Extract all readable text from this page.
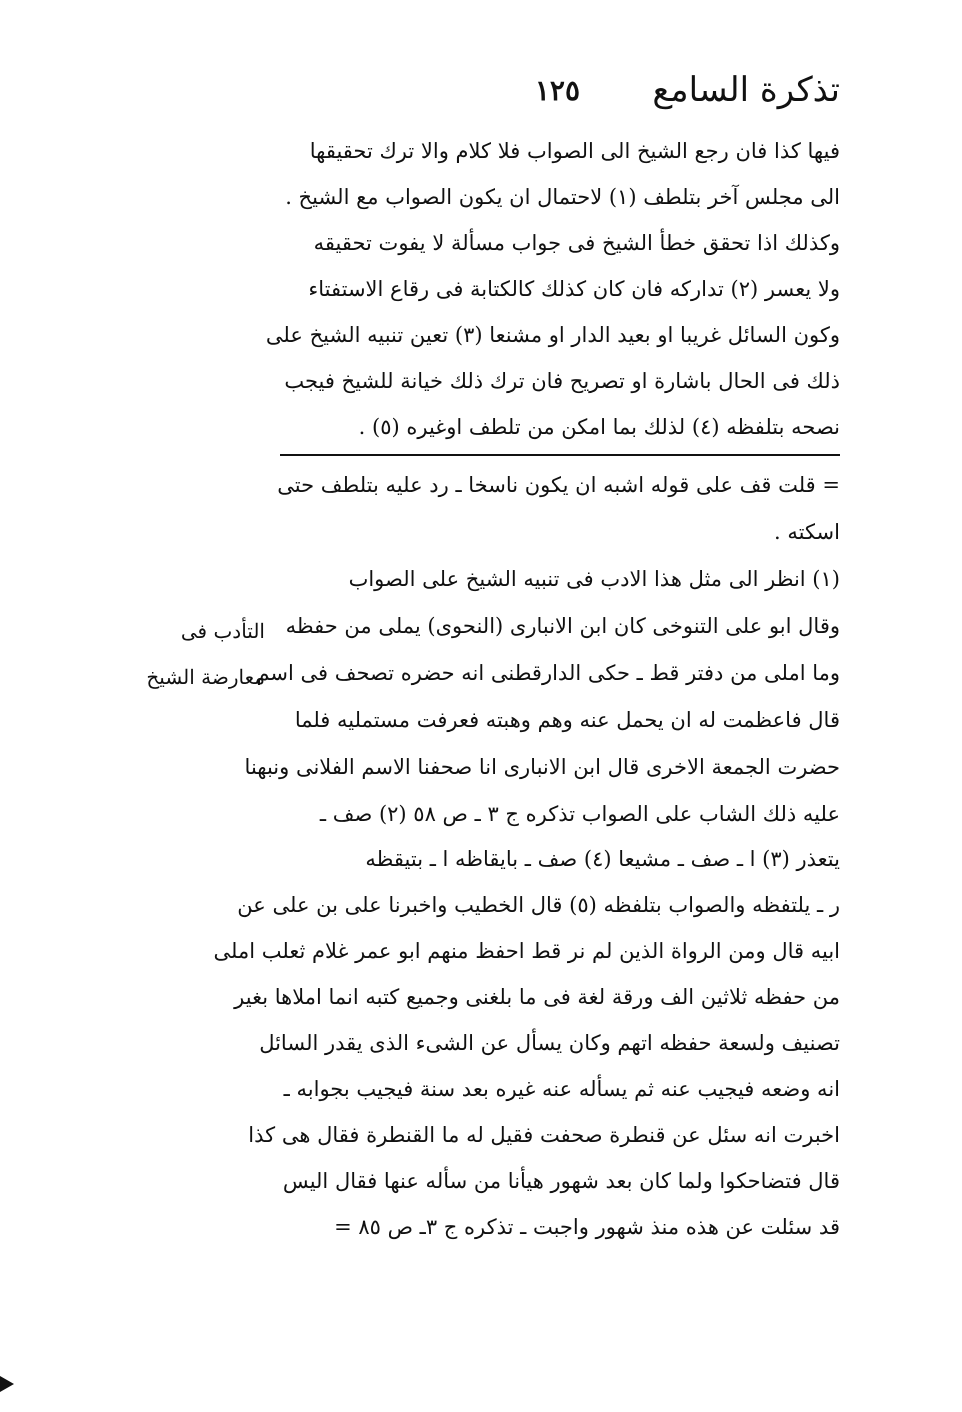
تذكرة السامع
١٢٥
فيها كذا فان رجع الشيخ الى الصواب فلا كلام والا ترك تحقيقها
الى مجلس آخر بتلطف (١) لاحتمال ان يكون الصواب مع الشيخ .
وكذلك اذا تحقق خطأ الشيخ فى جواب مسألة لا يفوت تحقيقه
ولا يعسر (٢) تداركه فان كان كذلك كالكتابة فى رقاع الاستفتاء
وكون السائل غريبا او بعيد الدار او مشنعا (٣) تعين تنبيه الشيخ على
ذلك فى الحال باشارة او تصريح فان ترك ذلك خيانة للشيخ فيجب
نصحه بتلفظه (٤) لذلك بما امكن من تلطف اوغيره (٥) .
= قلت قف على قوله اشبه ان يكون ناسخا ـ رد عليه بتلطف حتى
اسكته .
(١) انظر الى مثل هذا الادب فى تنبيه الشيخ على الصواب
وقال ابو على التنوخى كان ابن الانبارى (النحوى) يملى من حفظه
وما املى من دفتر قط ـ حكى الدارقطنى انه حضره تصحف فى اسم
قال فاعظمت له ان يحمل عنه وهم وهبته فعرفت مستمليه فلما
حضرت الجمعة الاخرى قال ابن الانبارى انا صحفنا الاسم الفلانى ونبهنا
عليه ذلك الشاب على الصواب تذكره ج ٣ ـ ص ٥٨ (٢) صف ـ
يتعذر (٣) ا ـ صف ـ مشيعا (٤) صف ـ بايقاظه ا ـ بتيقظه
ر ـ يلتفظه والصواب بتلفظه (٥) قال الخطيب واخبرنا على بن على عن
ابيه قال ومن الرواة الذين لم نر قط احفظ منهم ابو عمر غلام ثعلب املى
من حفظه ثلاثين الف ورقة لغة فى ما بلغنى وجميع كتبه انما املاها بغير
تصنيف ولسعة حفظه اتهم وكان يسأل عن الشىء الذى يقدر السائل
انه وضعه فيجيب عنه ثم يسأله عنه غيره بعد سنة فيجيب بجوابه ـ
اخبرت انه سئل عن قنطرة صحفت فقيل له ما القنطرة فقال هى كذا
قال فتضاحكوا ولما كان بعد شهور هيأنا من سأله عنها فقال اليس
قد سئلت عن هذه منذ شهور واجبت ـ تذكره ج ٣ـ ص ٨٥ =
التأدب فى
معارضة الشيخ
